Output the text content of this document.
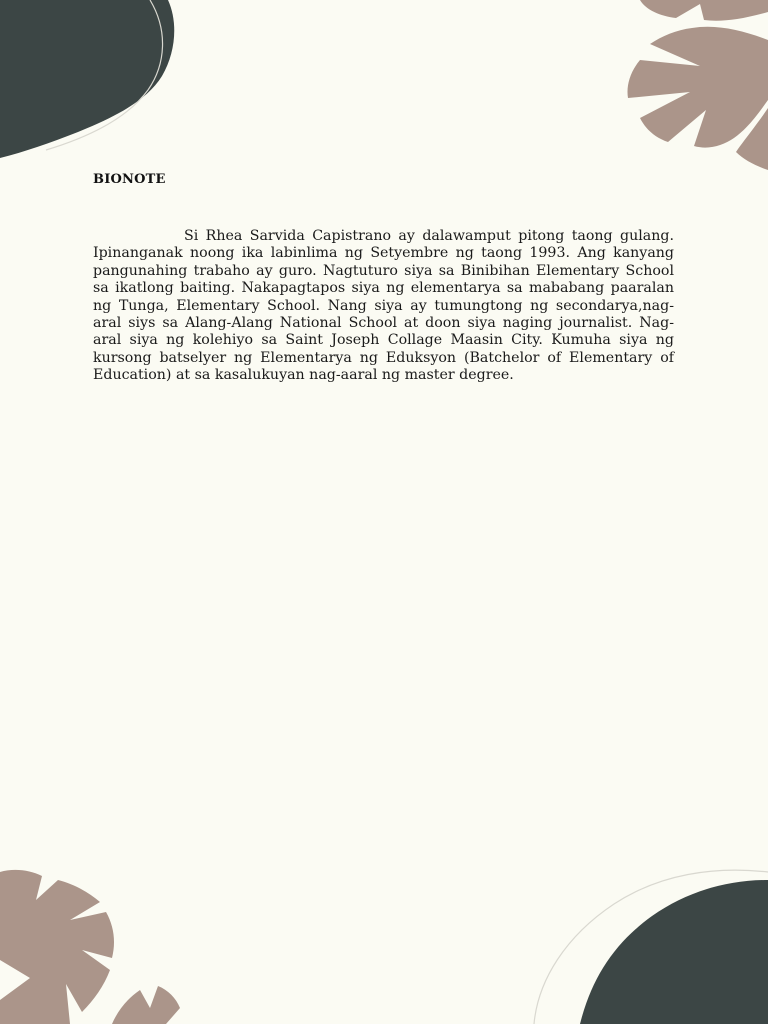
BIONOTE

Si Rhea Sarvida Capistrano ay dalawamput pitong taong gulang. Ipinanganak noong ika labinlima ng Setyembre ng taong 1993. Ang kanyang pangunahing trabaho ay guro. Nagtuturo siya sa Binibihan Elementary School sa ikatlong baiting. Nakapagtapos siya ng elementarya sa mababang paaralan ng Tunga, Elementary School. Nang siya ay tumungtong ng secondarya,nag-aral siys sa Alang-Alang National School at doon siya naging journalist. Nag-aral siya ng kolehiyo sa Saint Joseph Collage Maasin City. Kumuha siya ng kursong batselyer ng Elementarya ng Eduksyon (Batchelor of Elementary of Education) at sa kasalukuyan nag-aaral ng master degree.
